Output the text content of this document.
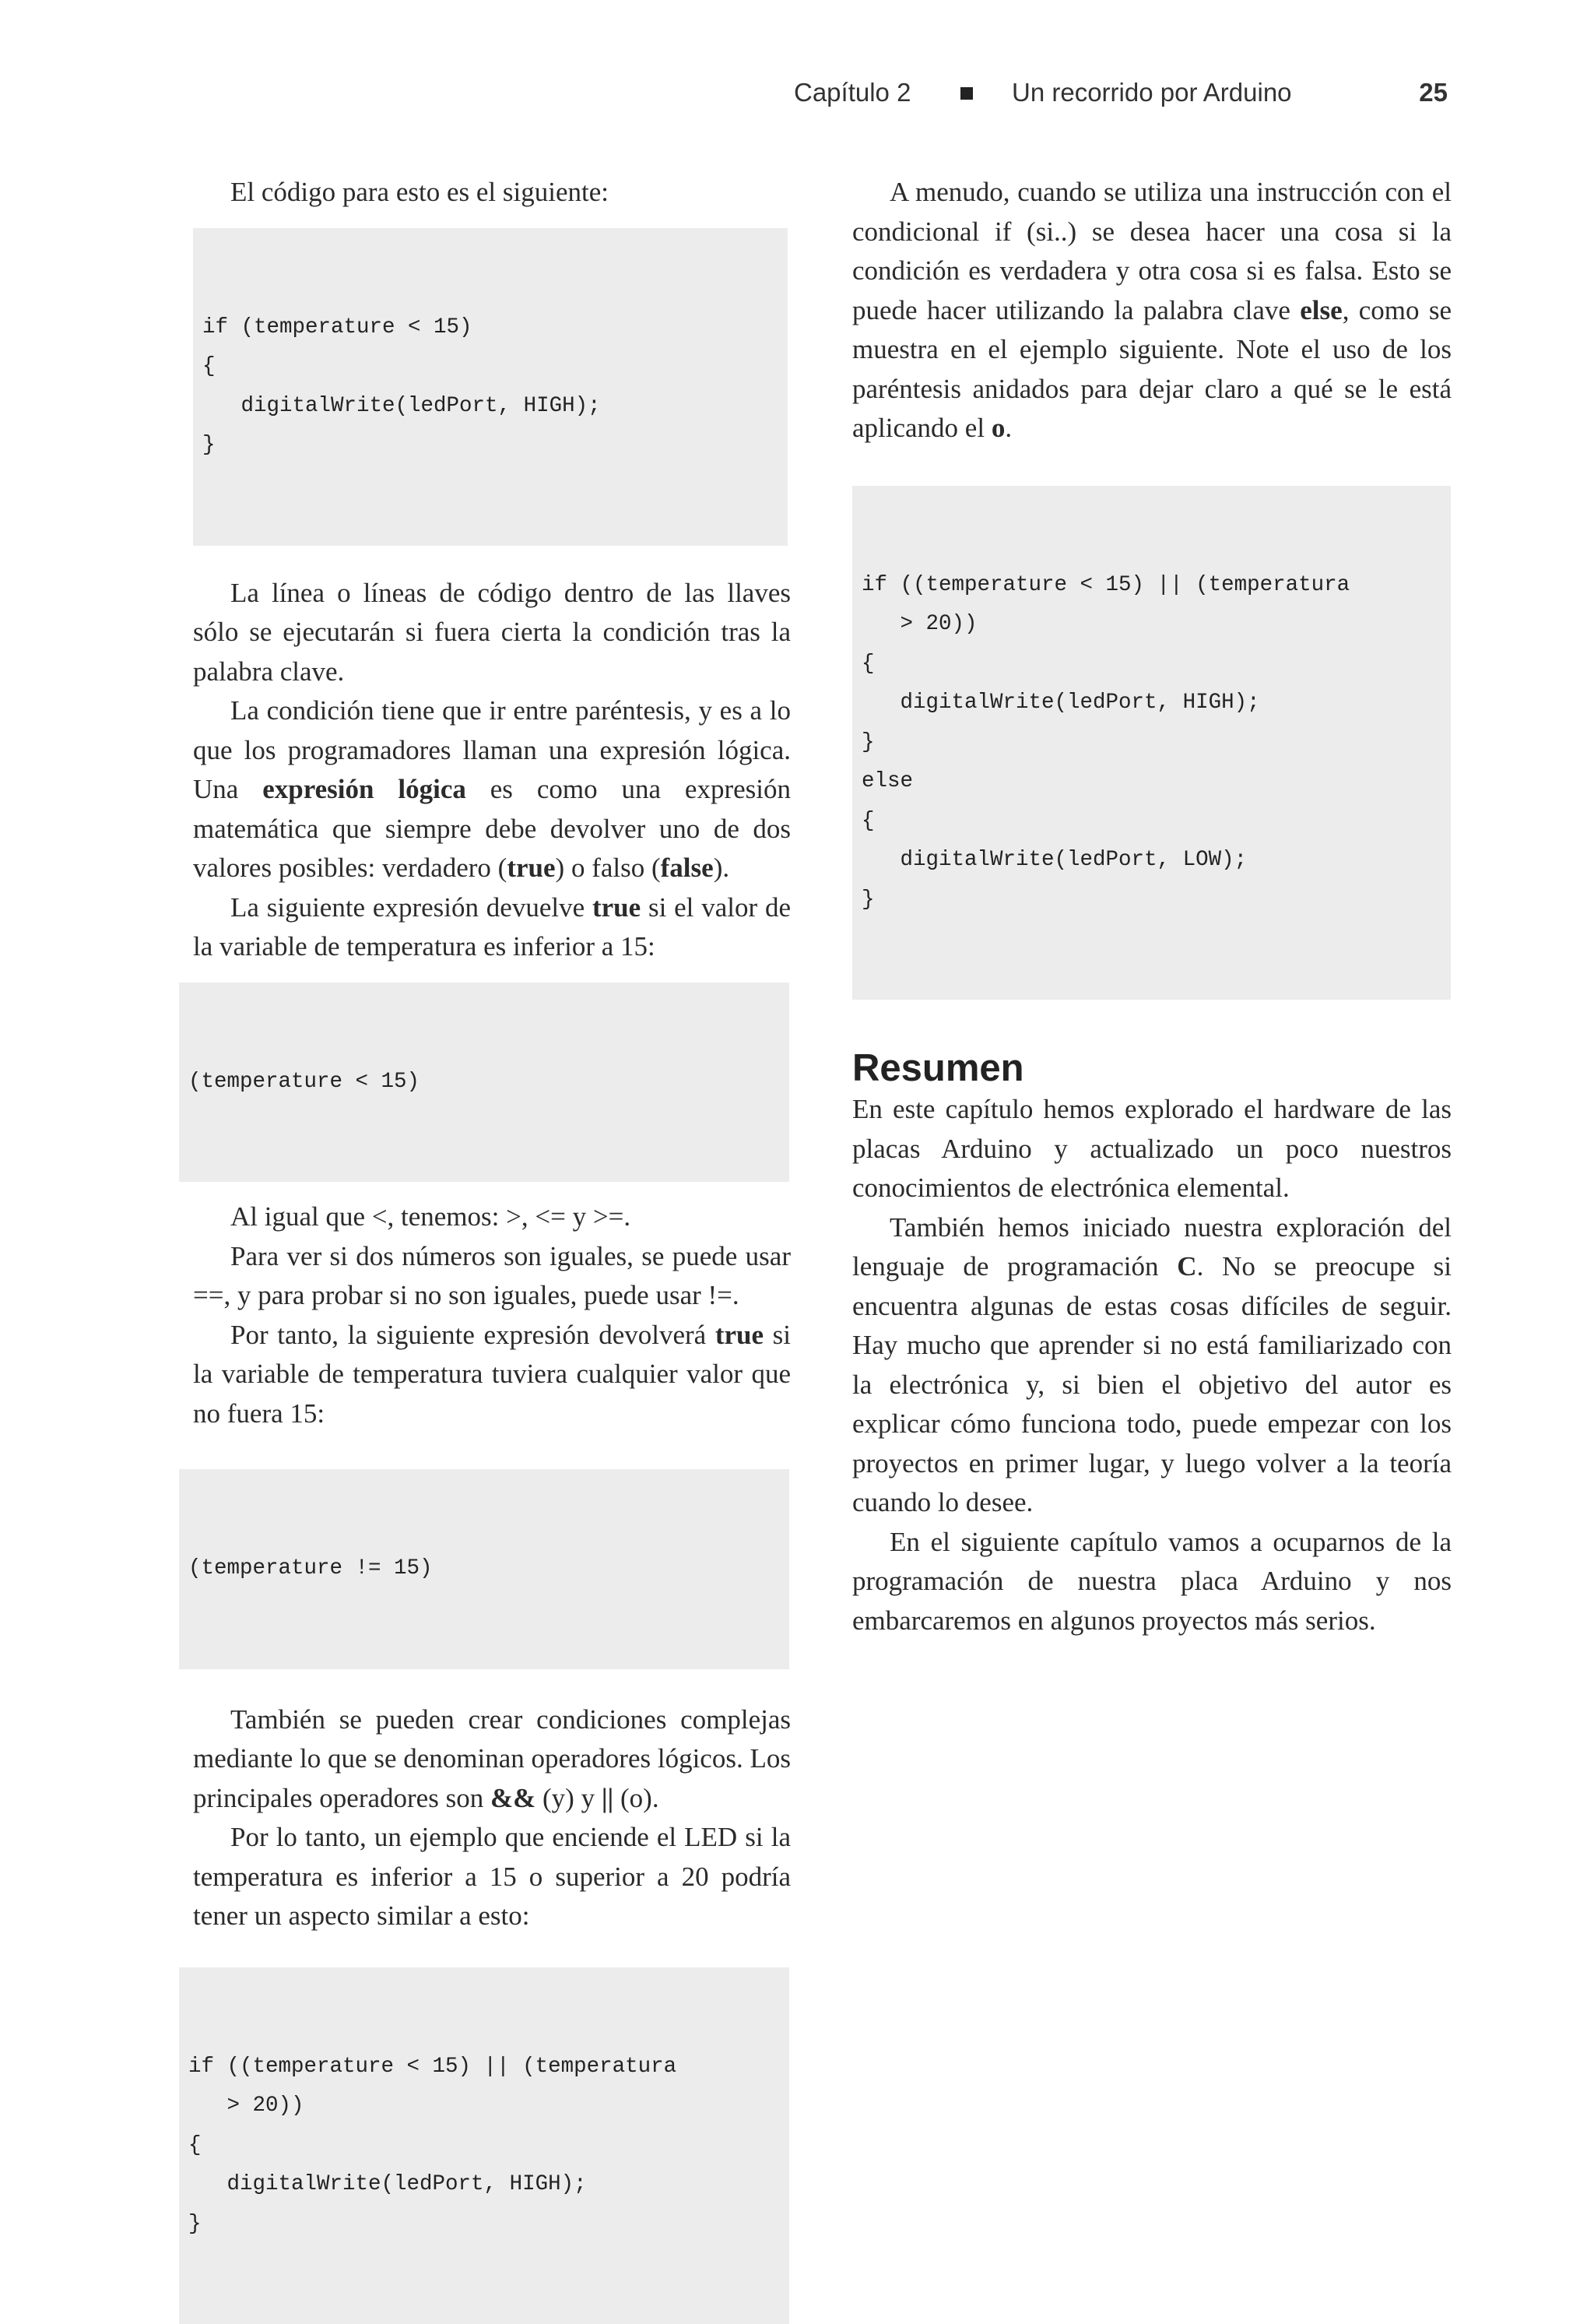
Capítulo 2	Un recorrido por Arduino	25

El código para esto es el siguiente:

if (temperature < 15)
{
digitalWrite(ledPort, HIGH);
}

La línea o líneas de código dentro de las llaves sólo se ejecutarán si fuera cierta la condición tras la palabra clave.

La condición tiene que ir entre paréntesis, y es a lo que los programadores llaman una expresión lógica. Una expresión lógica es como una expresión matemática que siempre debe devolver uno de dos valores posibles: verdadero (true) o falso (false).

La siguiente expresión devuelve true si el valor de la variable de temperatura es inferior a 15:

(temperature < 15)

Al igual que <, tenemos: >, <= y >=.

Para ver si dos números son iguales, se puede usar ==, y para probar si no son iguales, puede usar !=.

Por tanto, la siguiente expresión devolverá true si la variable de temperatura tuviera cualquier valor que no fuera 15:

(temperature != 15)

También se pueden crear condiciones complejas mediante lo que se denominan operadores lógicos. Los principales operadores son && (y) y || (o).

Por lo tanto, un ejemplo que enciende el LED si la temperatura es inferior a 15 o superior a 20 podría tener un aspecto similar a esto:

if ((temperature < 15) || (temperatura
> 20))
{
digitalWrite(ledPort, HIGH);
}

A menudo, cuando se utiliza una instrucción con el condicional if (si..) se desea hacer una cosa si la condición es verdadera y otra cosa si es falsa. Esto se puede hacer utilizando la palabra clave else, como se muestra en el ejemplo siguiente. Note el uso de los paréntesis anidados para dejar claro a qué se le está aplicando el o.

if ((temperature < 15) || (temperatura
> 20))
{
digitalWrite(ledPort, HIGH);
}
else
{
digitalWrite(ledPort, LOW);
}

Resumen

En este capítulo hemos explorado el hardware de las placas Arduino y actualizado un poco nuestros conocimientos de electrónica elemental.

También hemos iniciado nuestra exploración del lenguaje de programación C. No se preocupe si encuentra algunas de estas cosas difíciles de seguir. Hay mucho que aprender si no está familiarizado con la electrónica y, si bien el objetivo del autor es explicar cómo funciona todo, puede empezar con los proyectos en primer lugar, y luego volver a la teoría cuando lo desee.

En el siguiente capítulo vamos a ocuparnos de la programación de nuestra placa Arduino y nos embarcaremos en algunos proyectos más serios.
